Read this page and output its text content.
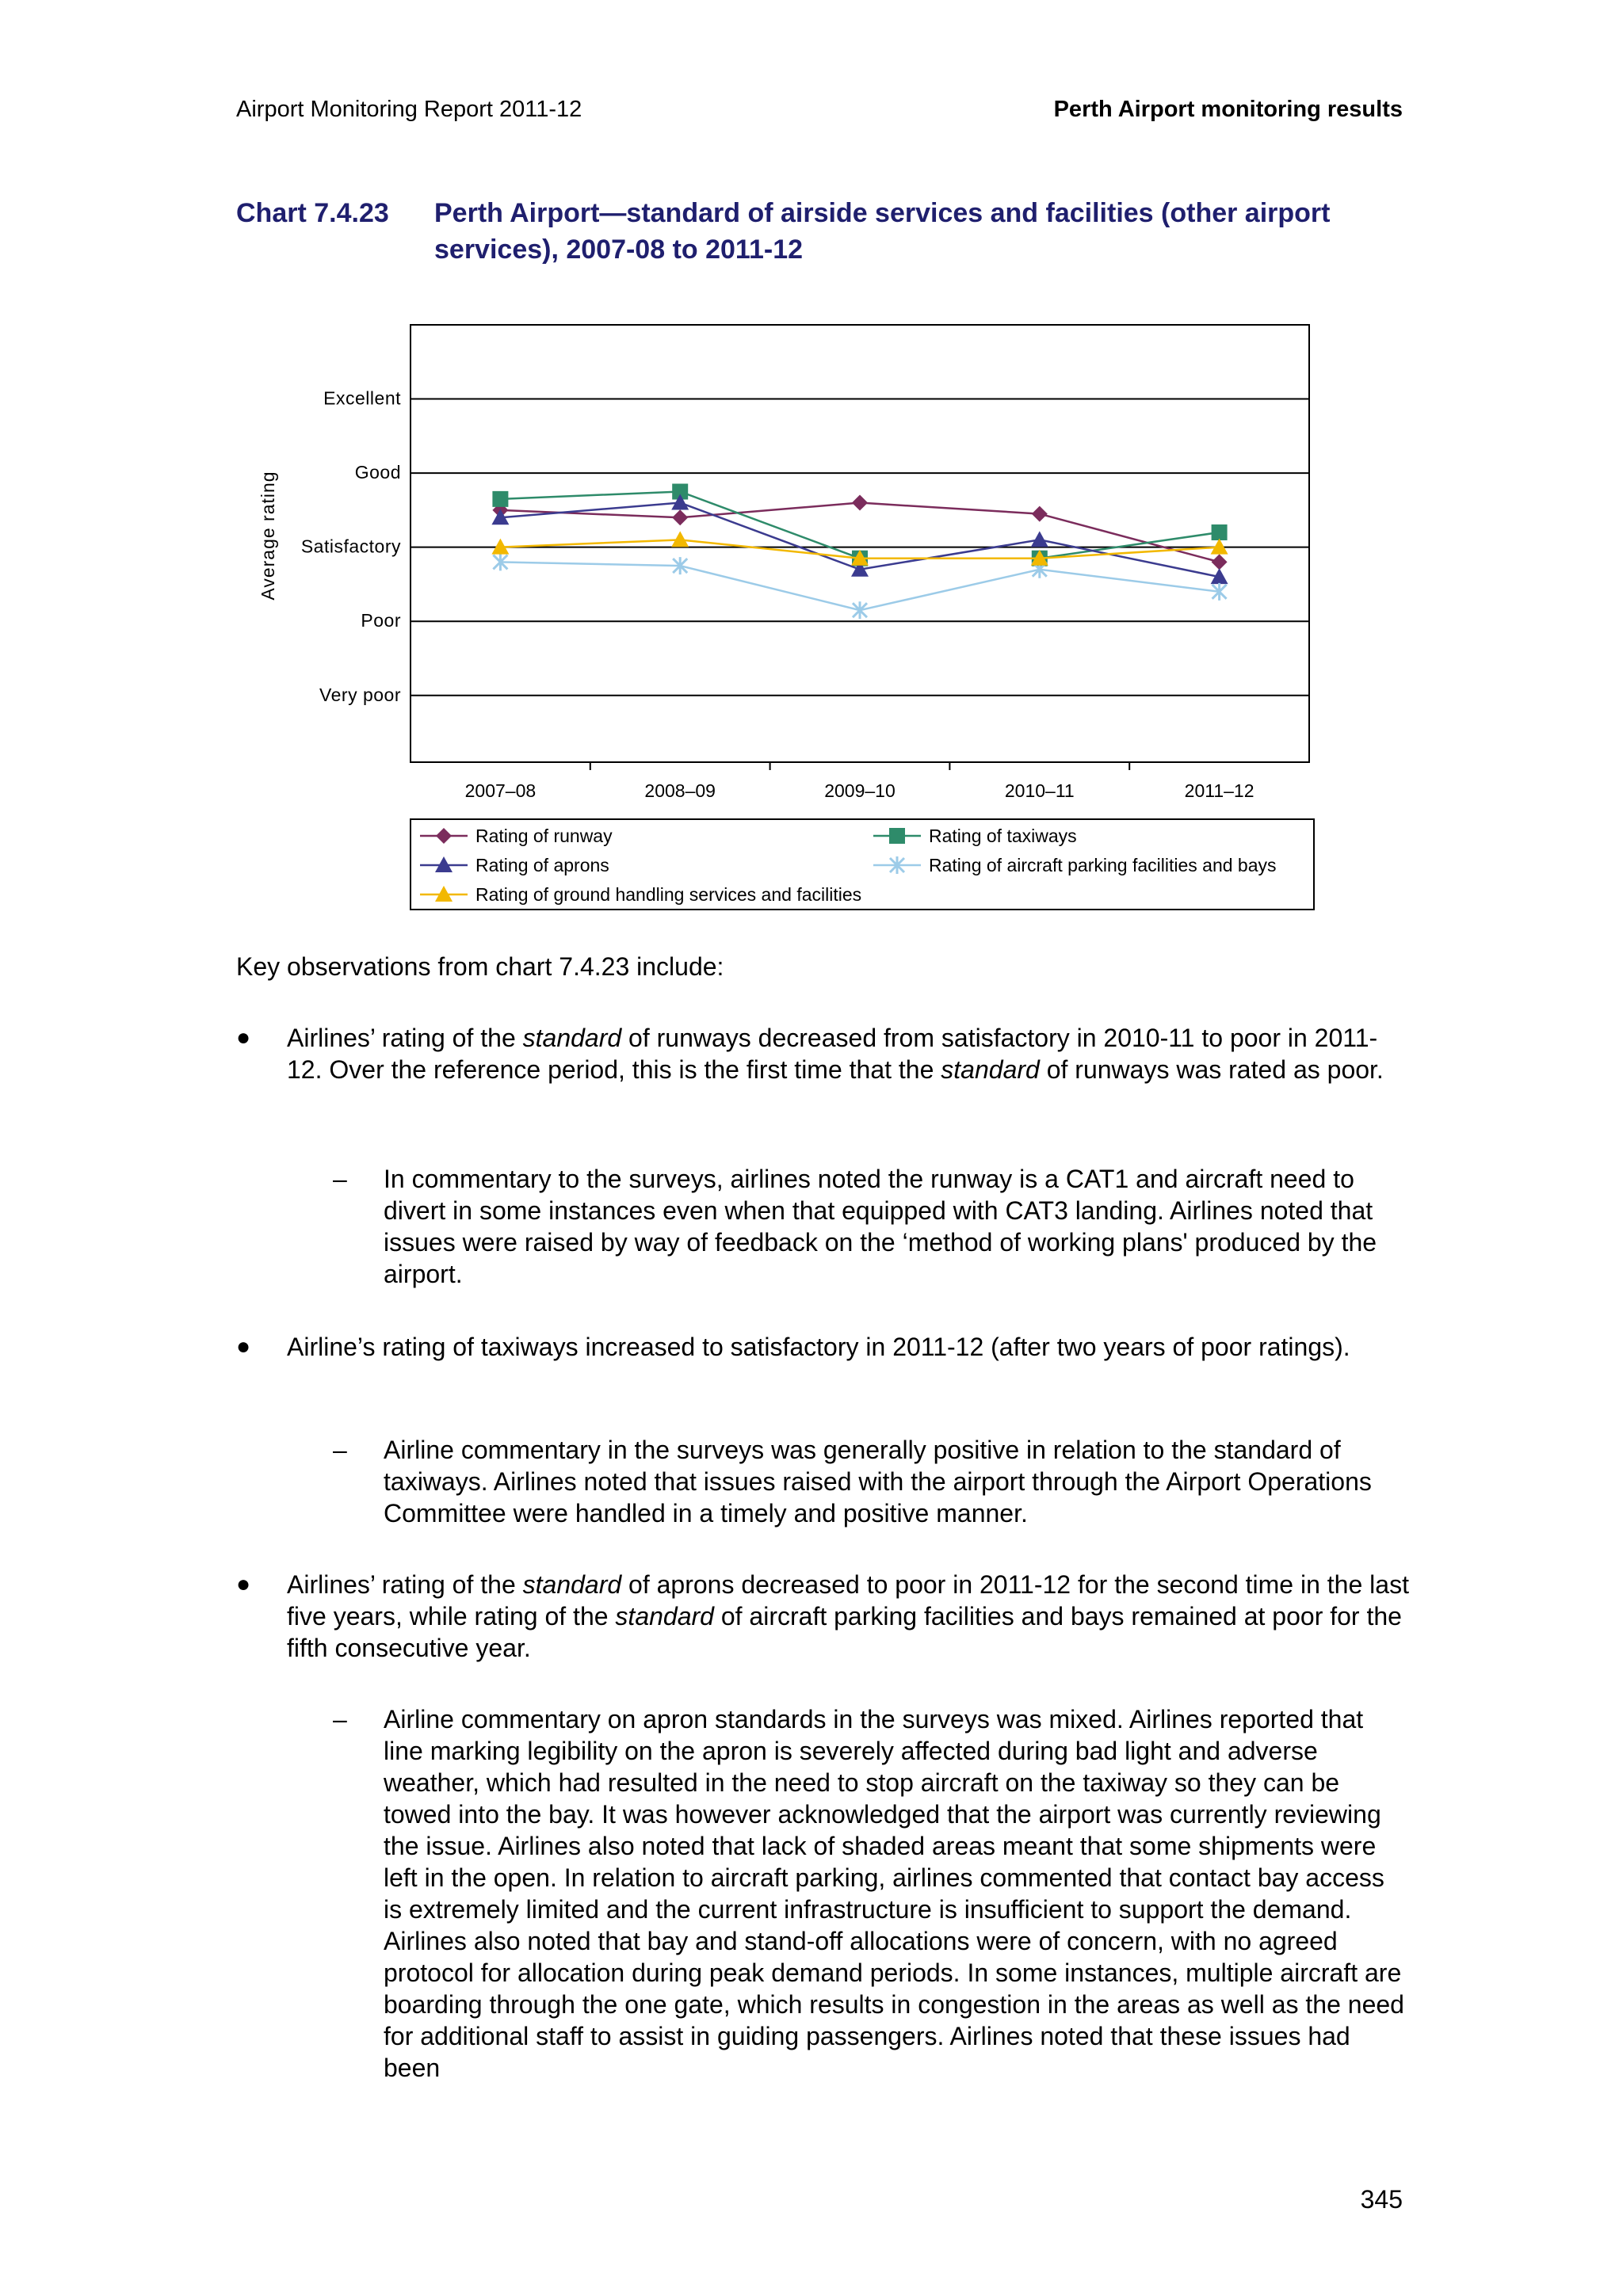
Airport Monitoring Report 2011-12	Perth Airport monitoring results
Chart 7.4.23	Perth Airport—standard of airside services and facilities (other airport services), 2007-08 to 2011-12
Very poor
Poor
Satisfactory
Good
Excellent
2007–08	2008–09	2009–10	2010–11	2011–12
Average rating
Rating of runway	Rating of taxiways
Rating of aprons	Rating of aircraft parking facilities and bays
Rating of ground handling services and facilities
Key observations from chart 7.4.23 include:
●	Airlines’ rating of the standard of runways decreased from satisfactory in 2010-11 to poor in 2011-12. Over the reference period, this is the first time that the standard of runways was rated as poor.
–	In commentary to the surveys, airlines noted the runway is a CAT1 and aircraft need to divert in some instances even when that equipped with CAT3 landing. Airlines noted that issues were raised by way of feedback on the ‘method of working plans' produced by the airport.
●	Airline’s rating of taxiways increased to satisfactory in 2011-12 (after two years of poor ratings).
–	Airline commentary in the surveys was generally positive in relation to the standard of taxiways. Airlines noted that issues raised with the airport through the Airport Operations Committee were handled in a timely and positive manner.
●	Airlines’ rating of the standard of aprons decreased to poor in 2011-12 for the second time in the last five years, while rating of the standard of aircraft parking facilities and bays remained at poor for the fifth consecutive year.
–	Airline commentary on apron standards in the surveys was mixed. Airlines reported that line marking legibility on the apron is severely affected during bad light and adverse weather, which had resulted in the need to stop aircraft on the taxiway so they can be towed into the bay. It was however acknowledged that the airport was currently reviewing the issue. Airlines also noted that lack of shaded areas meant that some shipments were left in the open. In relation to aircraft parking, airlines commented that contact bay access is extremely limited and the current infrastructure is insufficient to support the demand. Airlines also noted that bay and stand-off allocations were of concern, with no agreed protocol for allocation during peak demand periods. In some instances, multiple aircraft are boarding through the one gate, which results in congestion in the areas as well as the need for additional staff to assist in guiding passengers. Airlines noted that these issues had been
345
